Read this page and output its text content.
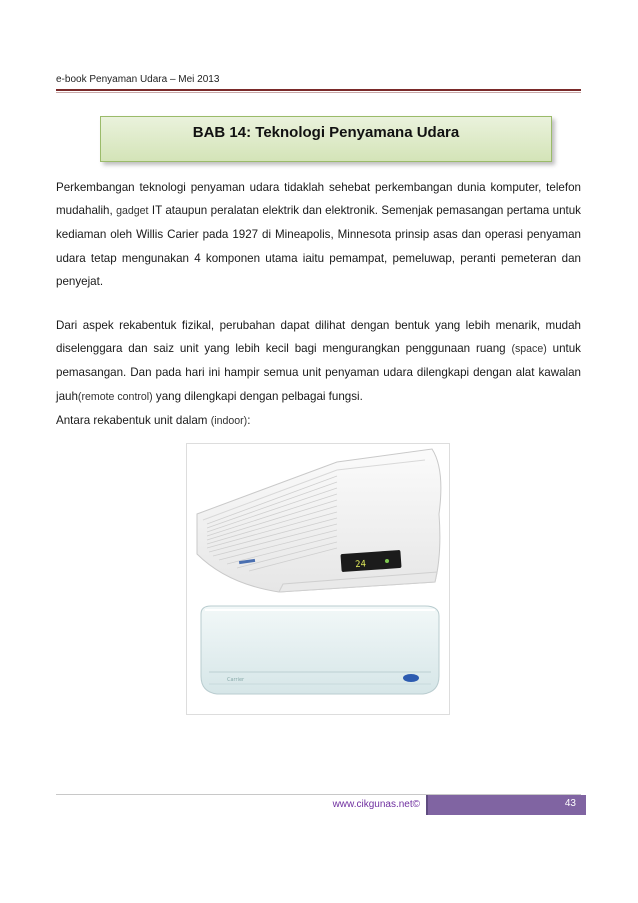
e-book Penyaman Udara – Mei 2013
BAB 14: Teknologi Penyamana Udara
Perkembangan teknologi penyaman udara tidaklah sehebat perkembangan dunia komputer, telefon mudahalih, gadget IT ataupun peralatan elektrik dan elektronik. Semenjak pemasangan pertama untuk kediaman oleh Willis Carier pada 1927 di Mineapolis, Minnesota prinsip asas dan operasi penyaman udara tetap mengunakan 4 komponen utama iaitu pemampat, pemeluwap, peranti pemeteran dan penyejat.
Dari aspek rekabentuk fizikal, perubahan dapat dilihat dengan bentuk yang lebih menarik, mudah diselenggara dan saiz unit yang lebih kecil bagi mengurangkan penggunaan ruang (space) untuk pemasangan. Dan pada hari ini hampir semua unit penyaman udara dilengkapi dengan alat kawalan jauh(remote control) yang dilengkapi dengan pelbagai fungsi.
Antara rekabentuk unit dalam (indoor):
24
Carrier
www.cikgunas.net©	43
